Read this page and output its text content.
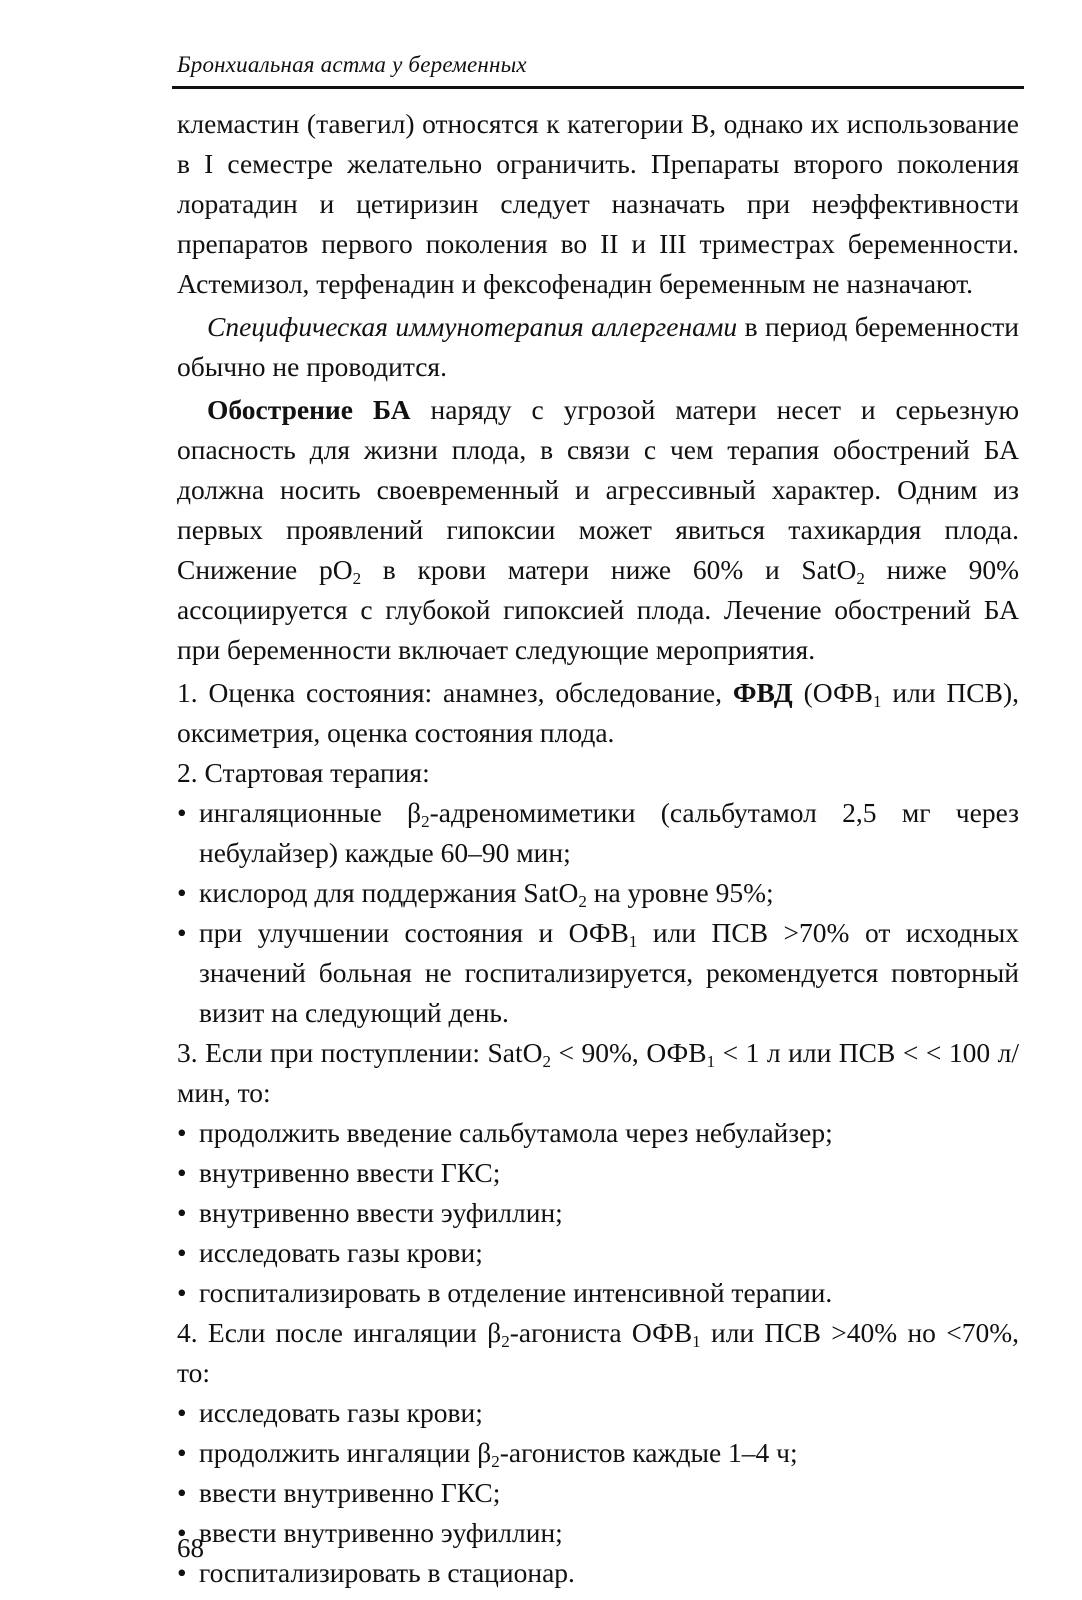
Бронхиальная астма у беременных

клемастин (тавегил) относятся к категории В, однако их использование в I семестре желательно ограничить. Препараты второго поколения лоратадин и цетиризин следует назначать при неэффективности препаратов первого поколения во II и III триместрах беременности. Астемизол, терфенадин и фексофенадин беременным не назначают.

Специфическая иммунотерапия аллергенами в период беременности обычно не проводится.

Обострение БА наряду с угрозой матери несет и серьезную опасность для жизни плода, в связи с чем терапия обострений БА должна носить своевременный и агрессивный характер. Одним из первых проявлений гипоксии может явиться тахикардия плода. Снижение $pO_2$ в крови матери ниже 60% и SatO$_2$ ниже 90% ассоциируется с глубокой гипоксией плода. Лечение обострений БА при беременности включает следующие мероприятия.

1. Оценка состояния: анамнез, обследование, ФВД ($ОФВ_1$ или ПСВ), оксиметрия, оценка состояния плода.

2. Стартовая терапия:

• ингаляционные $\beta_2$-адреномиметики (сальбутамол 2,5 мг через небулайзер) каждые 60–90 мин;
• кислород для поддержания SatO$_2$ на уровне 95%;
• при улучшении состояния и $ОФВ_1$ или ПСВ >70% от исходных значений больная не госпитализируется, рекомендуется повторный визит на следующий день.

3. Если при поступлении: SatO$_2$ < 90%, $ОФВ_1 < 1$ л или ПСВ < < 100 л/мин, то:

• продолжить введение сальбутамола через небулайзер;
• внутривенно ввести ГКС;
• внутривенно ввести эуфиллин;
• исследовать газы крови;
• госпитализировать в отделение интенсивной терапии.

4. Если после ингаляции $\beta_2$-агониста $ОФВ_1$ или ПСВ >40% но <70%, то:

• исследовать газы крови;
• продолжить ингаляции $\beta_2$-агонистов каждые 1–4 ч;
• ввести внутривенно ГКС;
• ввести внутривенно эуфиллин;
• госпитализировать в стационар.
68
